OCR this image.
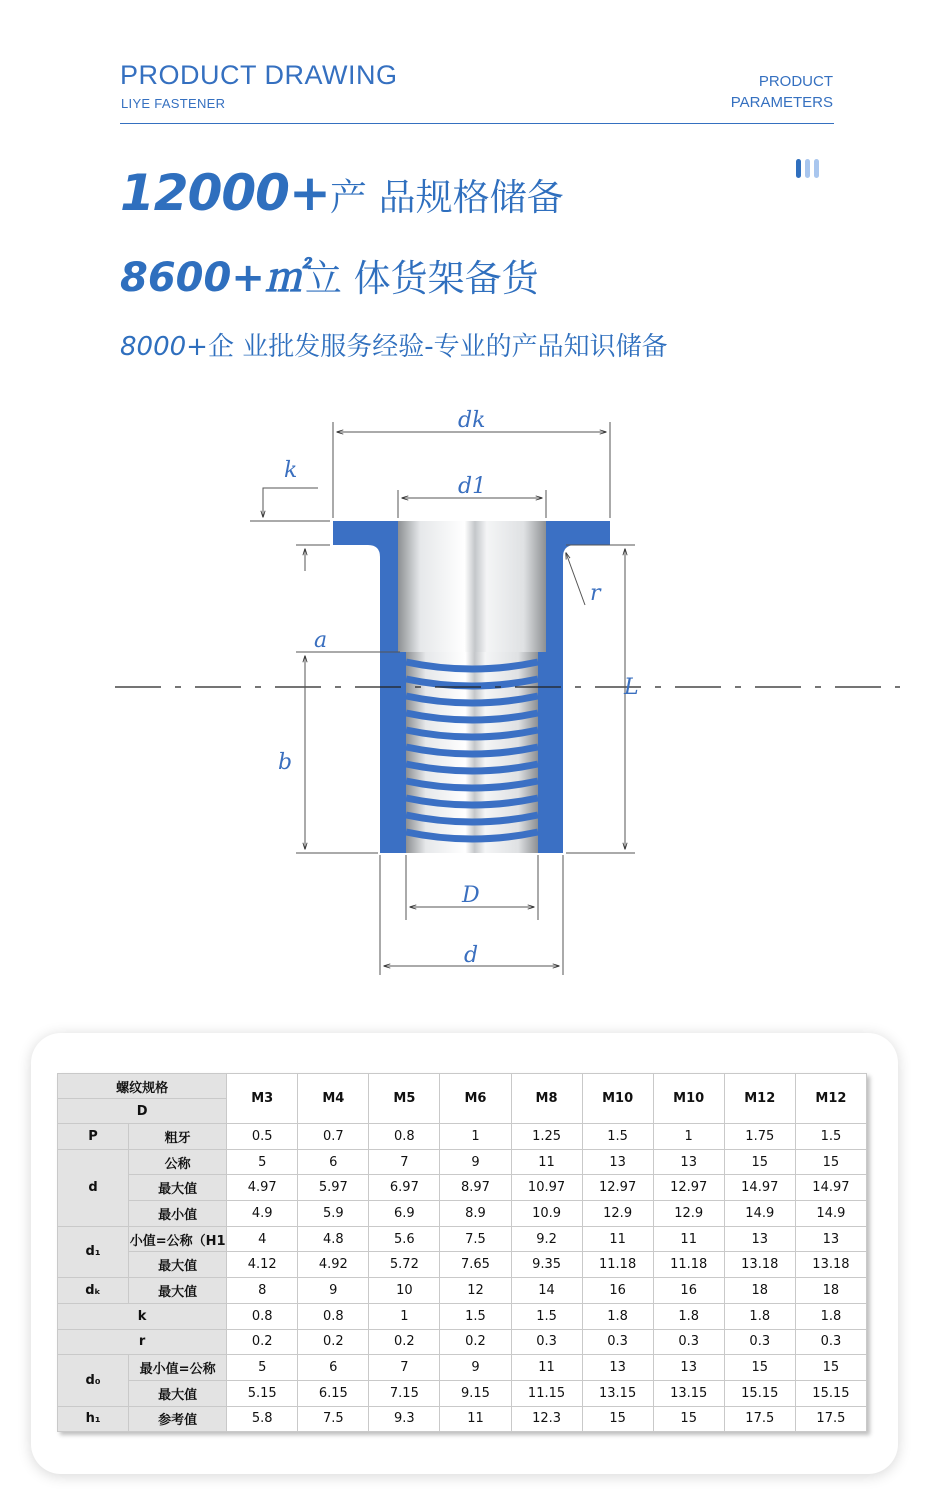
PRODUCT DRAWING
LIYE FASTENER
PRODUCT
PARAMETERS
12000+产 品规格储备
8600+㎡立 体货架备货
8000+企 业批发服务经验-专业的产品知识储备
dk
d1
k
r
a
L
b
D
d
螺纹规格		M3	M4	M5	M6	M8	M10	M10	M12	M12
D										
P	粗牙	0.5	0.7	0.8	1	1.25	1.5	1	1.75	1.5
d	公称	5	6	7	9	11	13	13	15	15
	最大值	4.97	5.97	6.97	8.97	10.97	12.97	12.97	14.97	14.97
	最小值	4.9	5.9	6.9	8.9	10.9	12.9	12.9	14.9	14.9
d₁	小值=公称（H1	4	4.8	5.6	7.5	9.2	11	11	13	13
	最大值	4.12	4.92	5.72	7.65	9.35	11.18	11.18	13.18	13.18
dₖ	最大值	8	9	10	12	14	16	16	18	18
k		0.8	0.8	1	1.5	1.5	1.8	1.8	1.8	1.8
r		0.2	0.2	0.2	0.2	0.3	0.3	0.3	0.3	0.3
d₀	最小值=公称	5	6	7	9	11	13	13	15	15
	最大值	5.15	6.15	7.15	9.15	11.15	13.15	13.15	15.15	15.15
h₁	参考值	5.8	7.5	9.3	11	12.3	15	15	17.5	17.5
